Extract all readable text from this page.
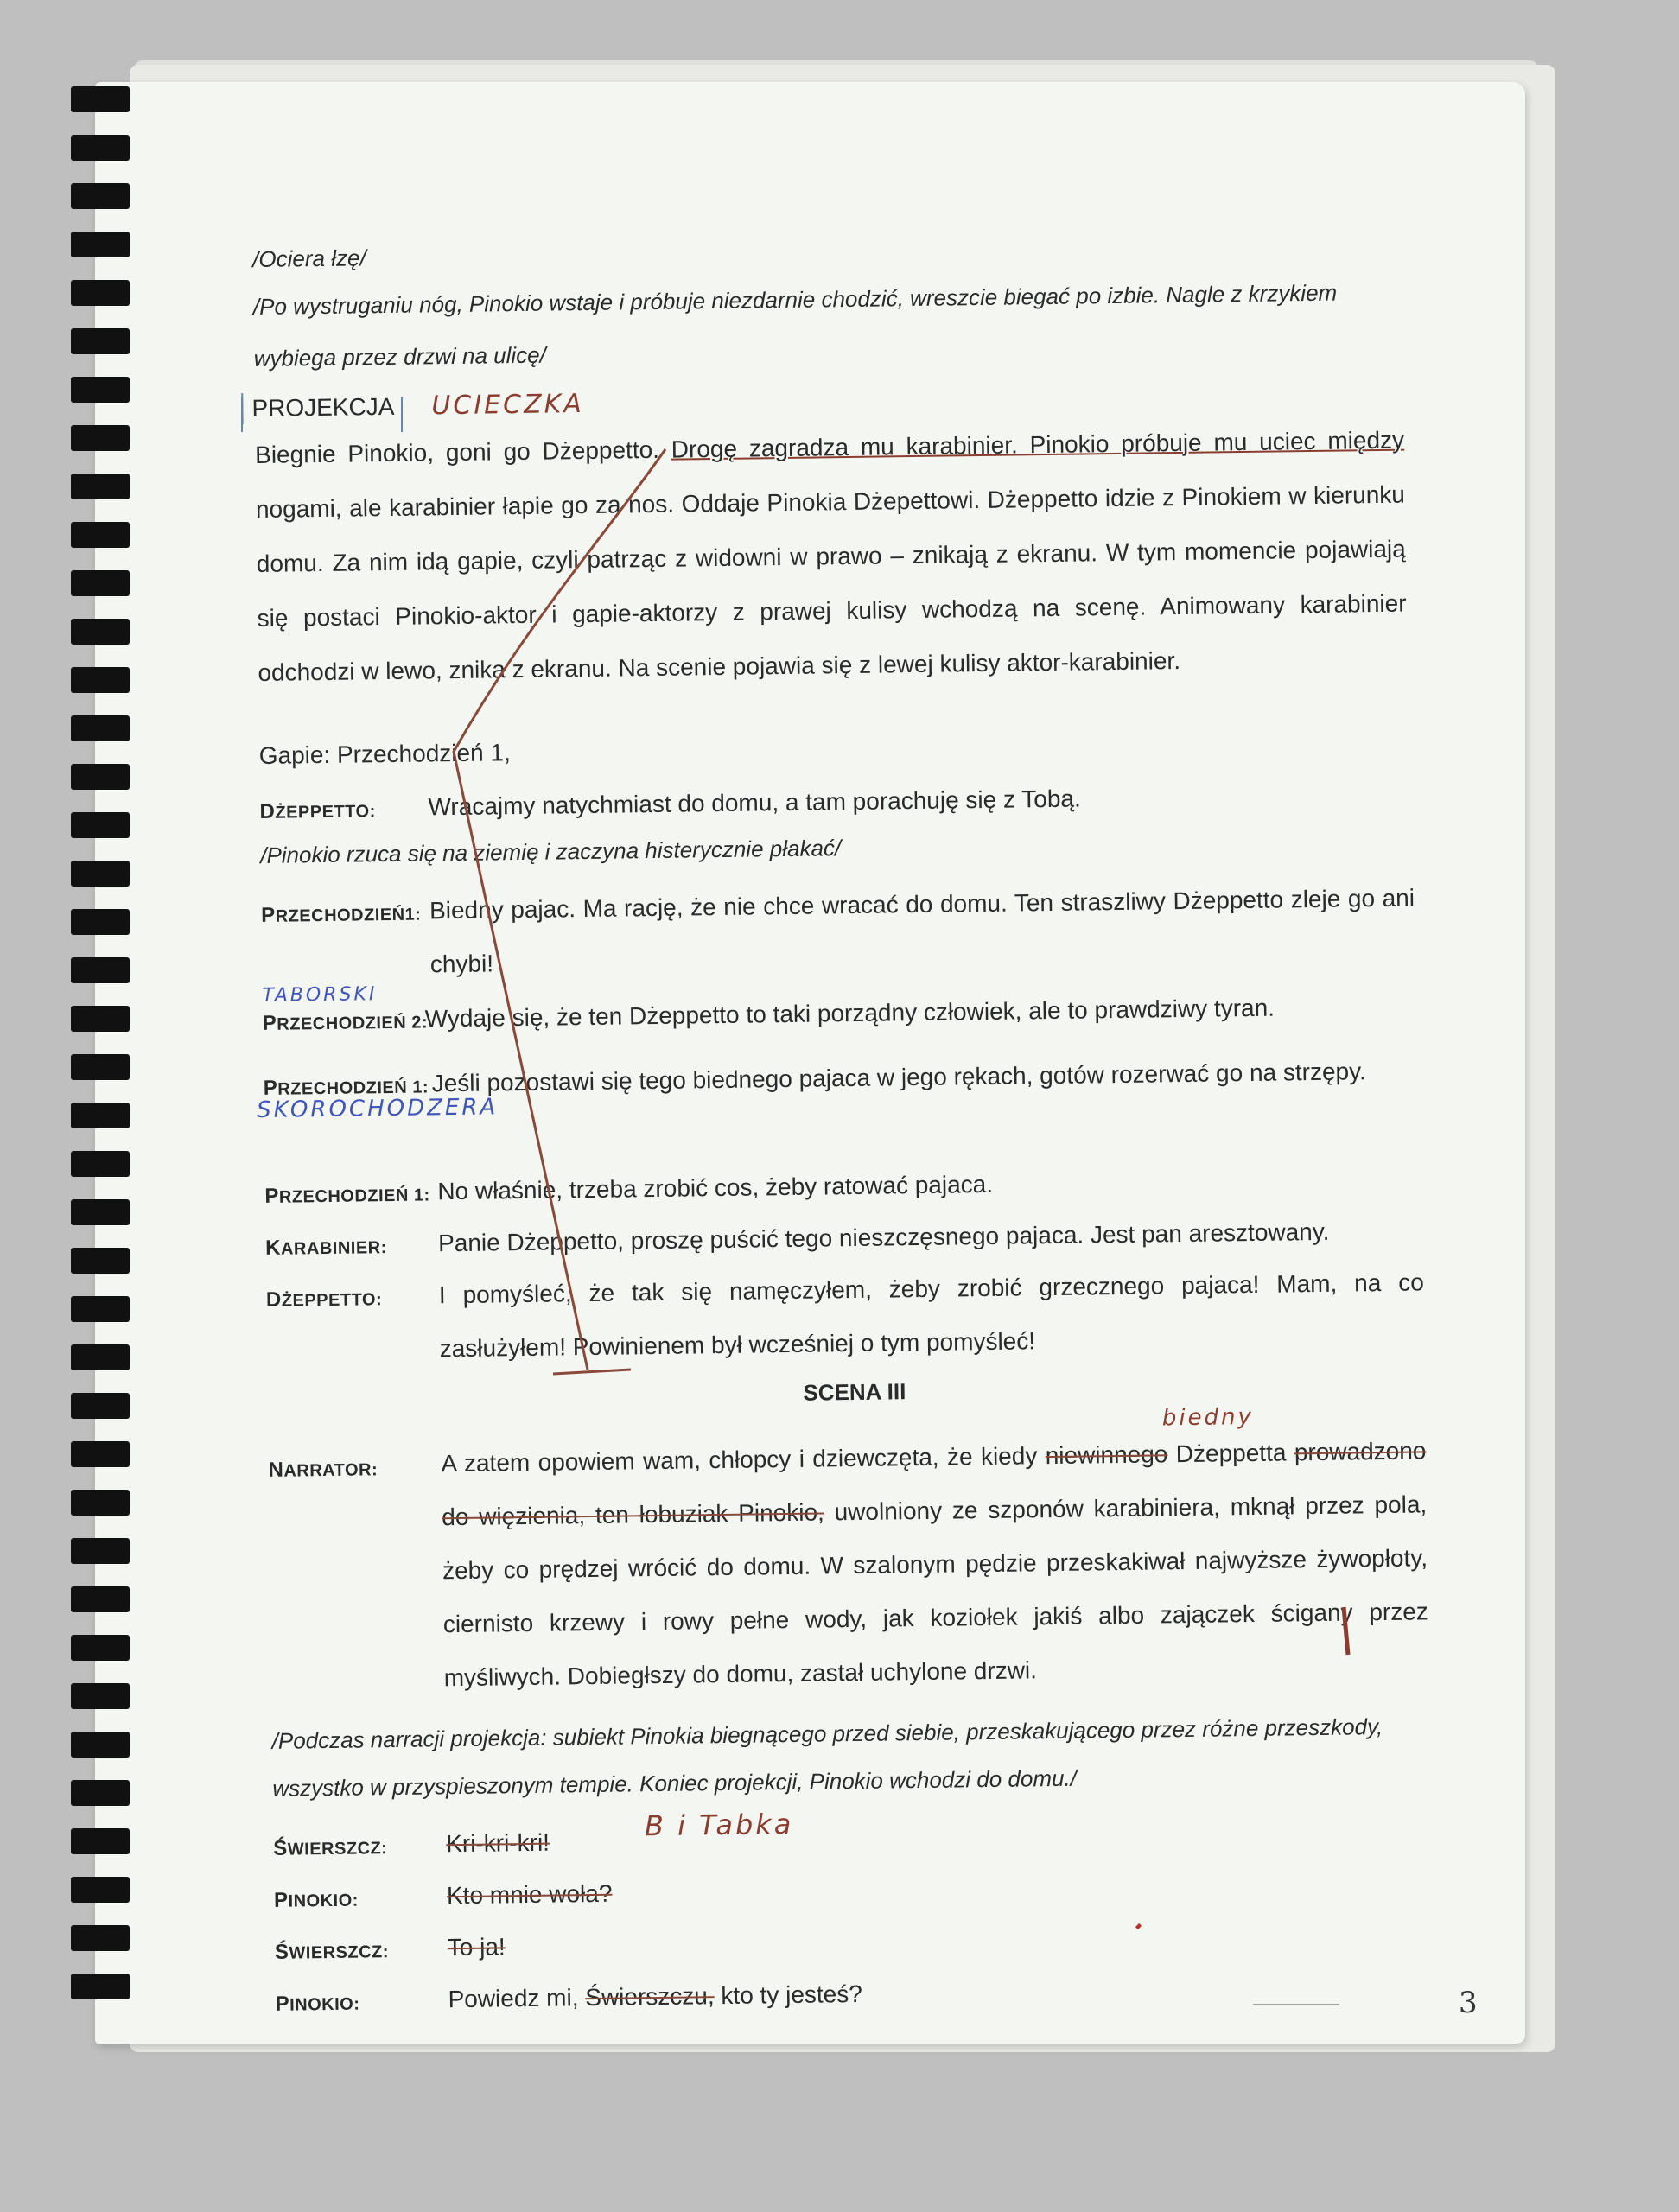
/Ociera łzę/
/Po wystruganiu nóg, Pinokio wstaje i próbuje niezdarnie chodzić, wreszcie biegać po izbie. Nagle z krzykiem
wybiega przez drzwi na ulicę/
PROJEKCJA	UCIECZKA
Biegnie Pinokio, goni go Dżeppetto. Drogę zagradza mu karabinier. Pinokio próbuje mu uciec między nogami, ale karabinier łapie go za nos. Oddaje Pinokia Dżepettowi. Dżeppetto idzie z Pinokiem w kierunku domu. Za nim idą gapie, czyli patrząc z widowni w prawo – znikają z ekranu. W tym momencie pojawiają się postaci Pinokio-aktor i gapie-aktorzy z prawej kulisy wchodzą na scenę. Animowany karabinier odchodzi w lewo, znika z ekranu. Na scenie pojawia się z lewej kulisy aktor-karabinier.
Gapie: Przechodzień 1,
DŻEPPETTO: Wracajmy natychmiast do domu, a tam porachuję się z Tobą.
/Pinokio rzuca się na ziemię i zaczyna histerycznie płakać/
PRZECHODZIEŃ1: Biedny pajac. Ma rację, że nie chce wracać do domu. Ten straszliwy Dżeppetto zleje go ani chybi!
TABORSKI
PRZECHODZIEŃ 2:
Wydaje się, że ten Dżeppetto to taki porządny człowiek, ale to prawdziwy tyran.
PRZECHODZIEŃ 1: Jeśli pozostawi się tego biednego pajaca w jego rękach, gotów rozerwać go na strzępy.
SKOROCHODZERA
PRZECHODZIEŃ 1: No właśnie, trzeba zrobić cos, żeby ratować pajaca.
KARABINIER: Panie Dżeppetto, proszę puścić tego nieszczęsnego pajaca. Jest pan aresztowany.
DŻEPPETTO: I pomyśleć, że tak się namęczyłem, żeby zrobić grzecznego pajaca! Mam, na co zasłużyłem! Powinienem był wcześniej o tym pomyśleć!
SCENA III
biedny
NARRATOR:	A zatem opowiem wam, chłopcy i dziewczęta, że kiedy niewinnego Dżeppetta prowadzono do więzienia, ten łobuziak Pinokio, uwolniony ze szponów karabiniera, mknął przez pola, żeby co prędzej wrócić do domu. W szalonym pędzie przeskakiwał najwyższe żywopłoty, ciernisto krzewy i rowy pełne wody, jak koziołek jakiś albo zajączek ścigany przez myśliwych. Dobiegłszy do domu, zastał uchylone drzwi.
/Podczas narracji projekcja: subiekt Pinokia biegnącego przed siebie, przeskakującego przez różne przeszkody,
wszystko w przyspieszonym tempie. Koniec projekcji, Pinokio wchodzi do domu./
ŚWIERSZCZ: Kri-kri-kri!
B i Tabka
PINOKIO:	Kto mnie woła?
ŚWIERSZCZ: To ja!
PINOKIO:	Powiedz mi, Świerszczu, kto ty jesteś?	3
